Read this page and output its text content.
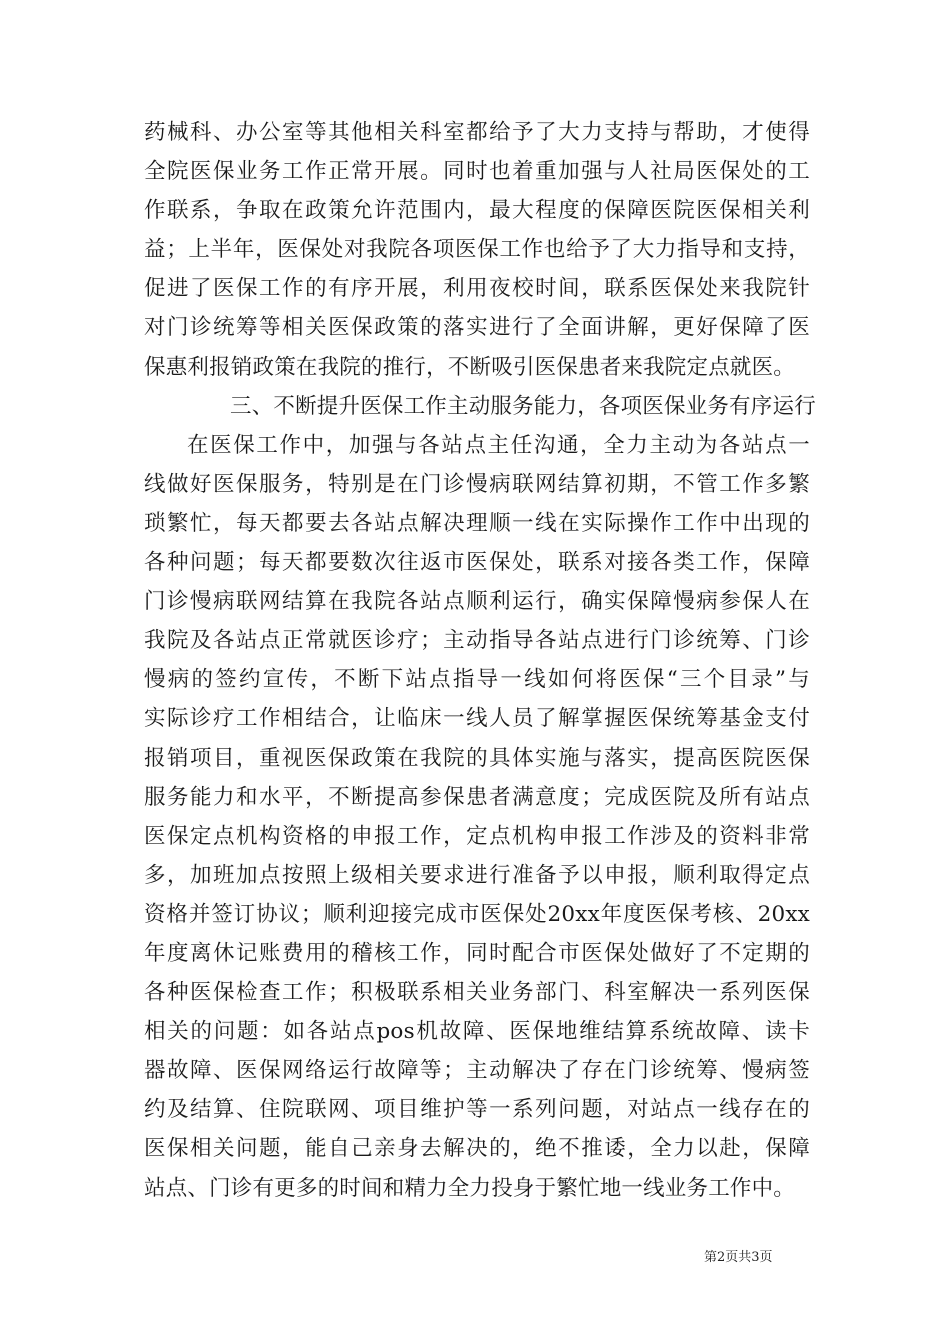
药械科、办公室等其他相关科室都给予了大力支持与帮助，才使得
全院医保业务工作正常开展。同时也着重加强与人社局医保处的工
作联系，争取在政策允许范围内，最大程度的保障医院医保相关利
益；上半年，医保处对我院各项医保工作也给予了大力指导和支持，
促进了医保工作的有序开展，利用夜校时间，联系医保处来我院针
对门诊统筹等相关医保政策的落实进行了全面讲解，更好保障了医
保惠利报销政策在我院的推行，不断吸引医保患者来我院定点就医。
三、不断提升医保工作主动服务能力，各项医保业务有序运行
在医保工作中，加强与各站点主任沟通，全力主动为各站点一
线做好医保服务，特别是在门诊慢病联网结算初期，不管工作多繁
琐繁忙，每天都要去各站点解决理顺一线在实际操作工作中出现的
各种问题；每天都要数次往返市医保处，联系对接各类工作，保障
门诊慢病联网结算在我院各站点顺利运行，确实保障慢病参保人在
我院及各站点正常就医诊疗；主动指导各站点进行门诊统筹、门诊
慢病的签约宣传，不断下站点指导一线如何将医保“三个目录”与
实际诊疗工作相结合，让临床一线人员了解掌握医保统筹基金支付
报销项目，重视医保政策在我院的具体实施与落实，提高医院医保
服务能力和水平，不断提高参保患者满意度；完成医院及所有站点
医保定点机构资格的申报工作，定点机构申报工作涉及的资料非常
多，加班加点按照上级相关要求进行准备予以申报，顺利取得定点
资格并签订协议；顺利迎接完成市医保处20xx年度医保考核、20xx
年度离休记账费用的稽核工作，同时配合市医保处做好了不定期的
各种医保检查工作；积极联系相关业务部门、科室解决一系列医保
相关的问题：如各站点pos机故障、医保地维结算系统故障、读卡
器故障、医保网络运行故障等；主动解决了存在门诊统筹、慢病签
约及结算、住院联网、项目维护等一系列问题，对站点一线存在的
医保相关问题，能自己亲身去解决的，绝不推诿，全力以赴，保障
站点、门诊有更多的时间和精力全力投身于繁忙地一线业务工作中。
第2页共3页
